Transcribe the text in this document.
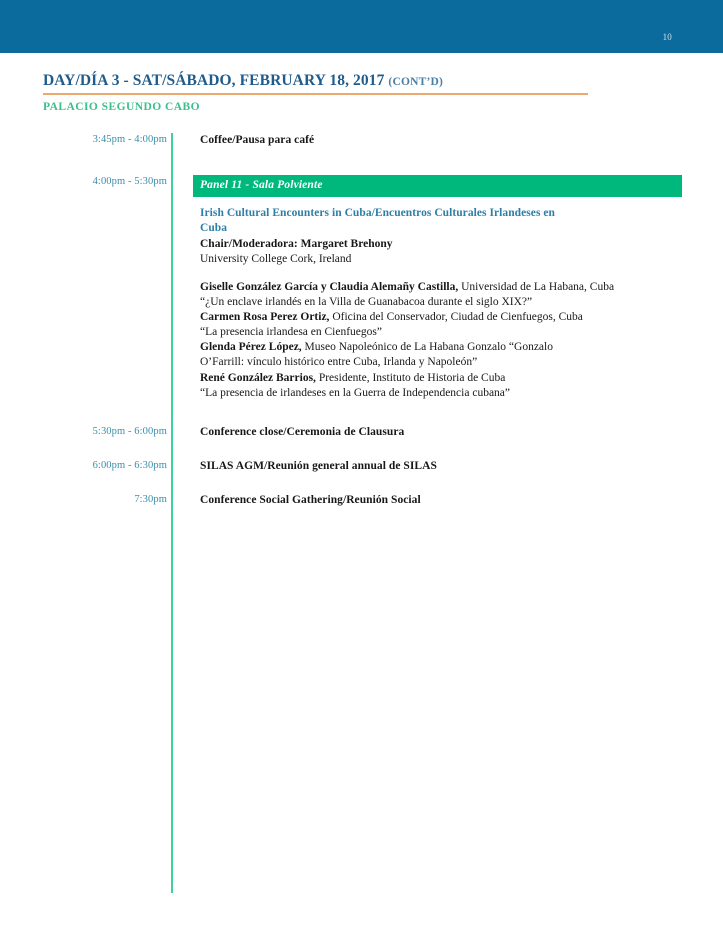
10
DAY/DÍA 3 - SAT/SÁBADO, FEBRUARY 18, 2017 (CONT’D)
PALACIO SEGUNDO CABO
3:45pm - 4:00pm	Coffee/Pausa para café
4:00pm - 5:30pm	Panel 11 - Sala Polviente
Irish Cultural Encounters in Cuba/Encuentros Culturales Irlandeses en Cuba
Chair/Moderadora: Margaret Brehony
University College Cork, Ireland
Giselle González García y Claudia Alemañy Castilla, Universidad de La Habana, Cuba
“¿Un enclave irlandés en la Villa de Guanabacoa durante el siglo XIX?”
Carmen Rosa Perez Ortiz, Oficina del Conservador, Ciudad de Cienfuegos, Cuba
“La presencia irlandesa en Cienfuegos”
Glenda Pérez López, Museo Napoleónico de La Habana Gonzalo “Gonzalo
O’Farrill: vínculo histórico entre Cuba, Irlanda y Napoleón”
René González Barrios, Presidente, Instituto de Historia de Cuba
“La presencia de irlandeses en la Guerra de Independencia cubana”
5:30pm - 6:00pm	Conference close/Ceremonia de Clausura
6:00pm - 6:30pm	SILAS AGM/Reunión general annual de SILAS
7:30pm	Conference Social Gathering/Reunión Social
